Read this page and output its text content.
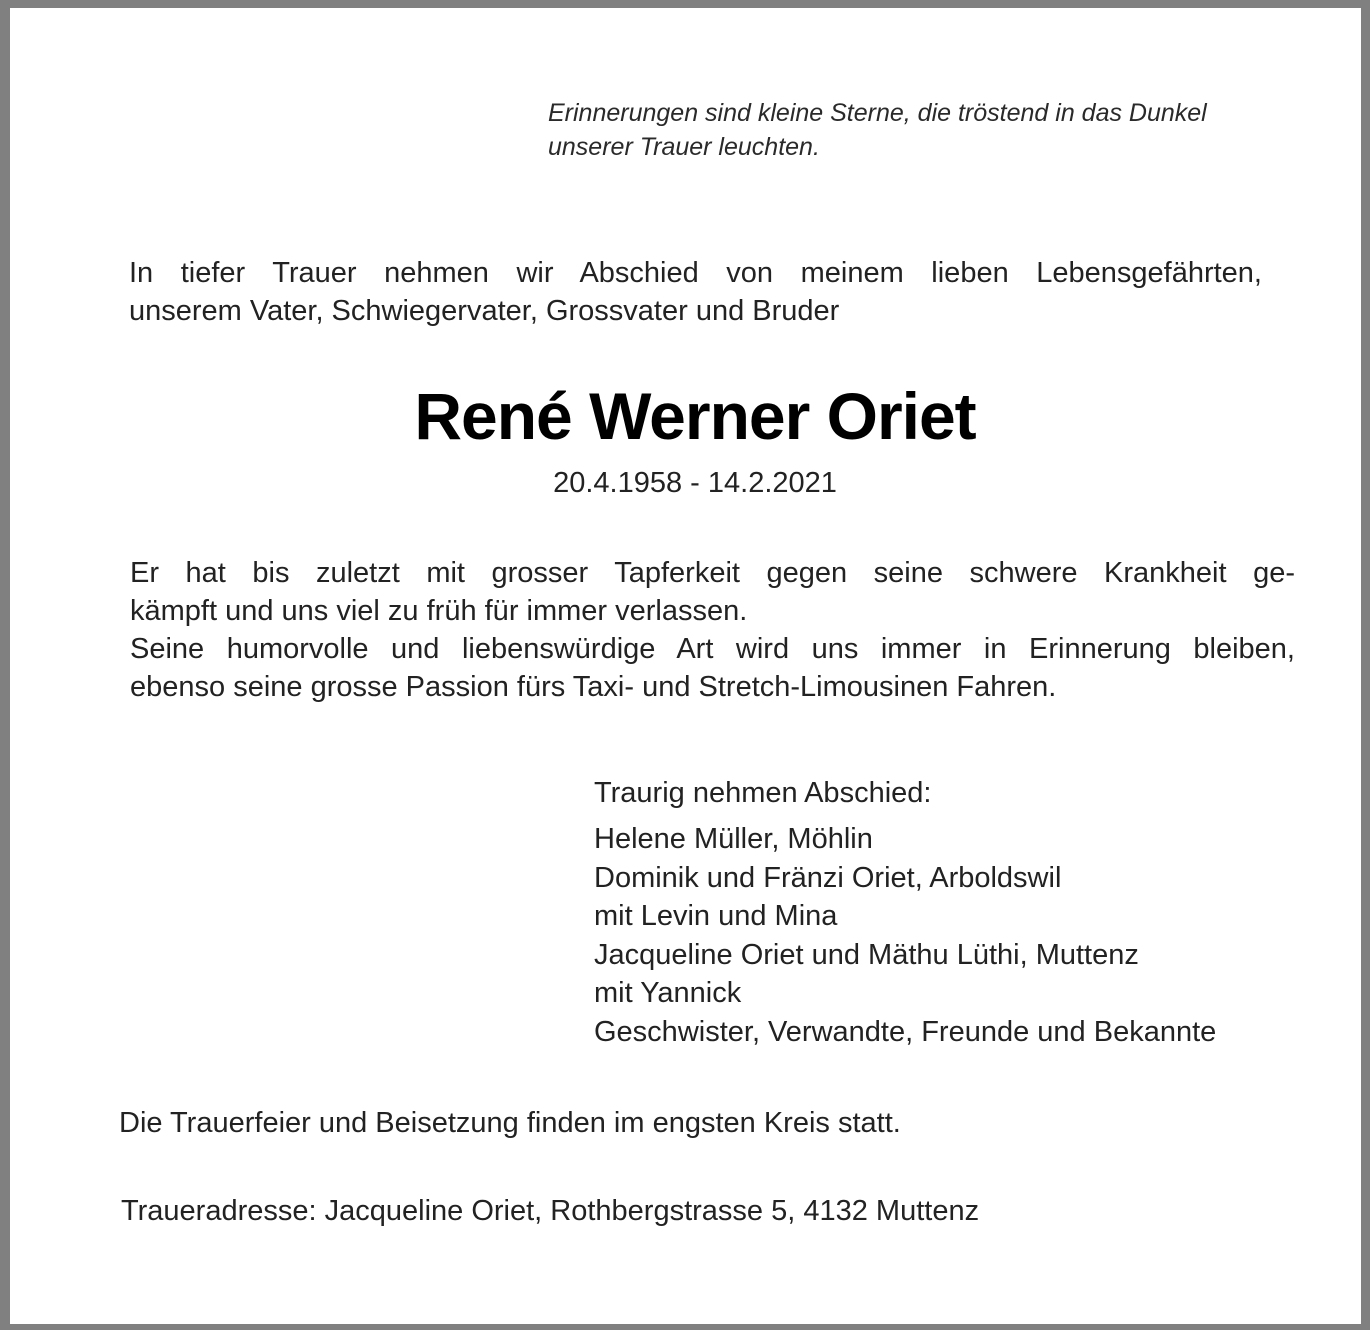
Erinnerungen sind kleine Sterne, die tröstend in das Dunkel
unserer Trauer leuchten.
In tiefer Trauer nehmen wir Abschied von meinem lieben Lebensgefährten,
unserem Vater, Schwiegervater, Grossvater und Bruder
René Werner Oriet
20.4.1958 - 14.2.2021
Er hat bis zuletzt mit grosser Tapferkeit gegen seine schwere Krankheit ge-
kämpft und uns viel zu früh für immer verlassen.
Seine humorvolle und liebenswürdige Art wird uns immer in Erinnerung bleiben,
ebenso seine grosse Passion fürs Taxi- und Stretch-Limousinen Fahren.
Traurig nehmen Abschied:
Helene Müller, Möhlin
Dominik und Fränzi Oriet, Arboldswil
mit Levin und Mina
Jacqueline Oriet und Mäthu Lüthi, Muttenz
mit Yannick
Geschwister, Verwandte, Freunde und Bekannte
Die Trauerfeier und Beisetzung finden im engsten Kreis statt.
Traueradresse: Jacqueline Oriet, Rothbergstrasse 5, 4132 Muttenz
